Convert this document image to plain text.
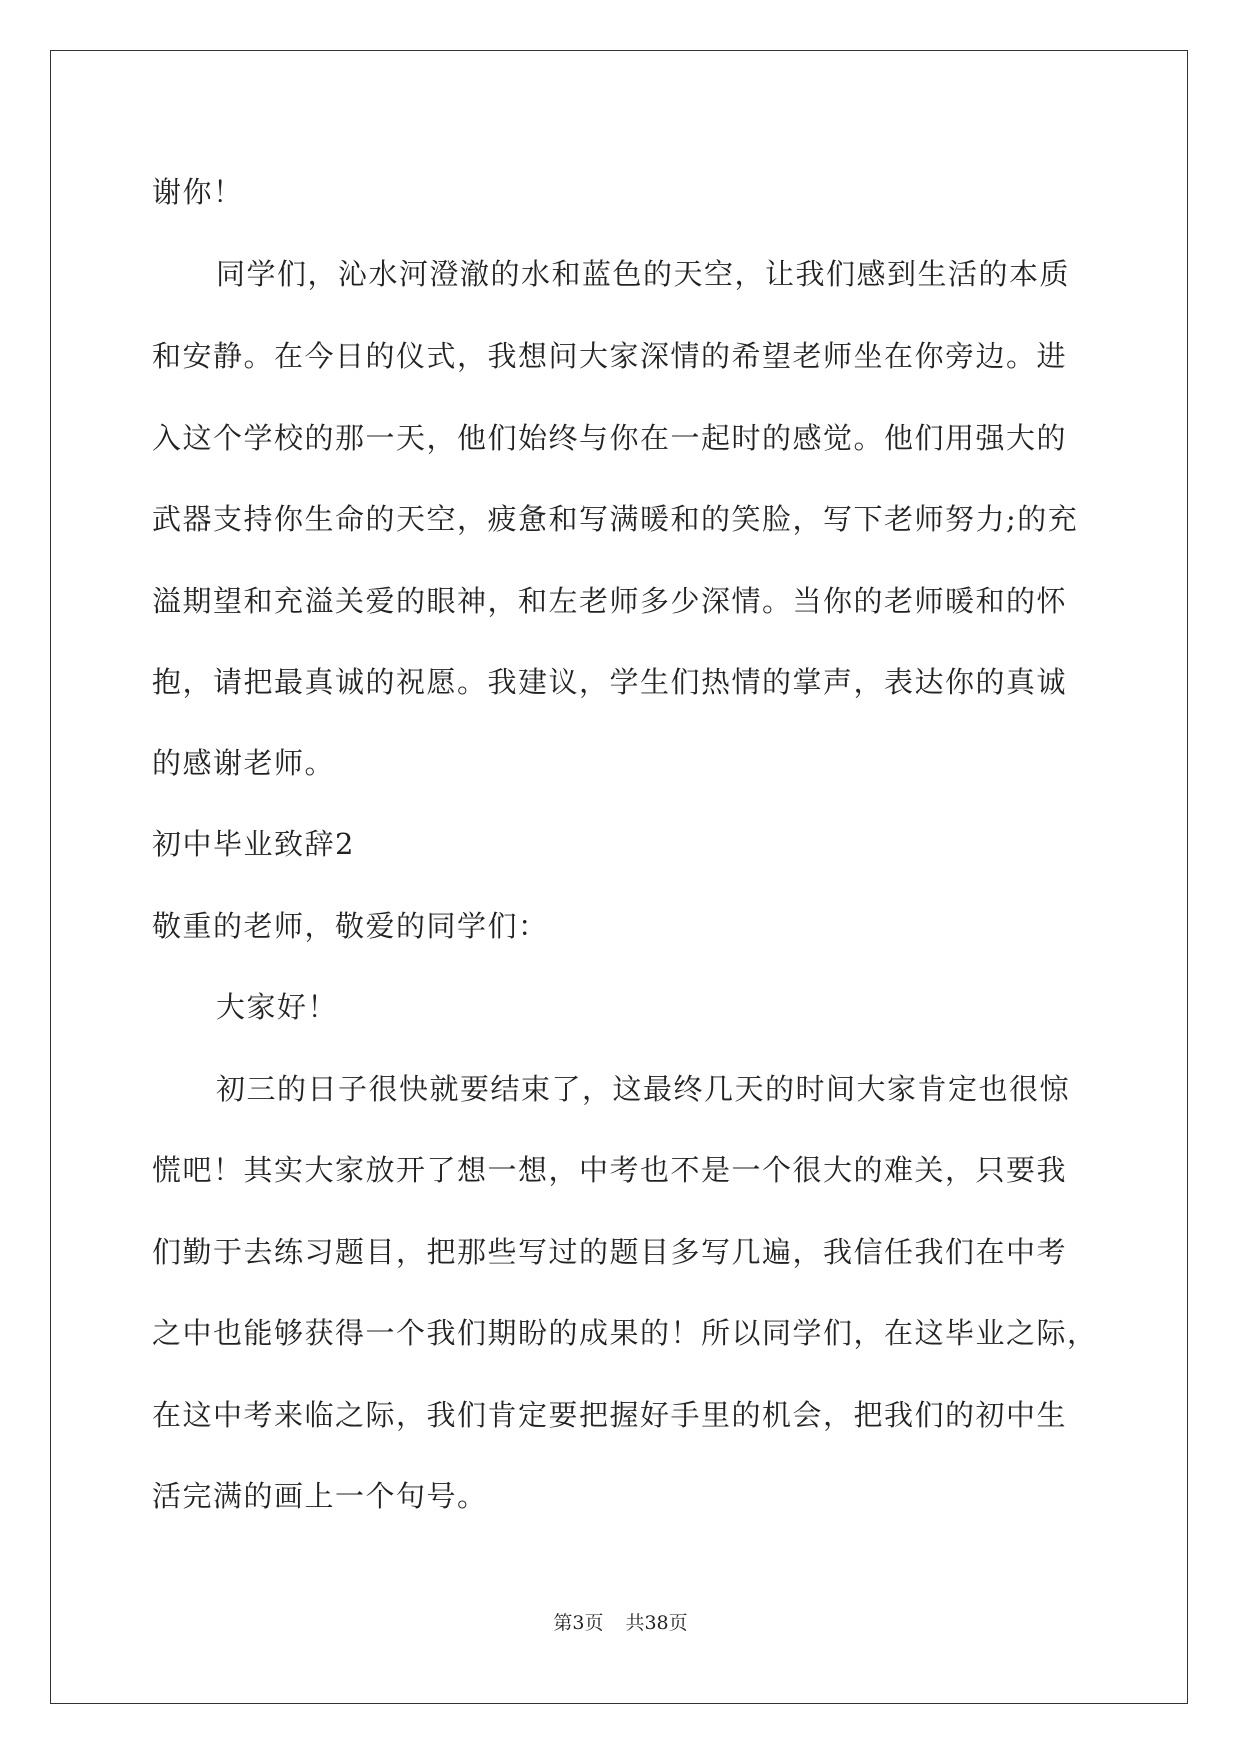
谢你！
同学们，沁水河澄澈的水和蓝色的天空，让我们感到生活的本质
和安静。在今日的仪式，我想问大家深情的希望老师坐在你旁边。进
入这个学校的那一天，他们始终与你在一起时的感觉。他们用强大的
武器支持你生命的天空，疲惫和写满暖和的笑脸，写下老师努力;的充
溢期望和充溢关爱的眼神，和左老师多少深情。当你的老师暖和的怀
抱，请把最真诚的祝愿。我建议，学生们热情的掌声，表达你的真诚
的感谢老师。
初中毕业致辞2
敬重的老师，敬爱的同学们：
大家好！
初三的日子很快就要结束了，这最终几天的时间大家肯定也很惊
慌吧！其实大家放开了想一想，中考也不是一个很大的难关，只要我
们勤于去练习题目，把那些写过的题目多写几遍，我信任我们在中考
之中也能够获得一个我们期盼的成果的！所以同学们，在这毕业之际，
在这中考来临之际，我们肯定要把握好手里的机会，把我们的初中生
活完满的画上一个句号。
第3页 共38页
